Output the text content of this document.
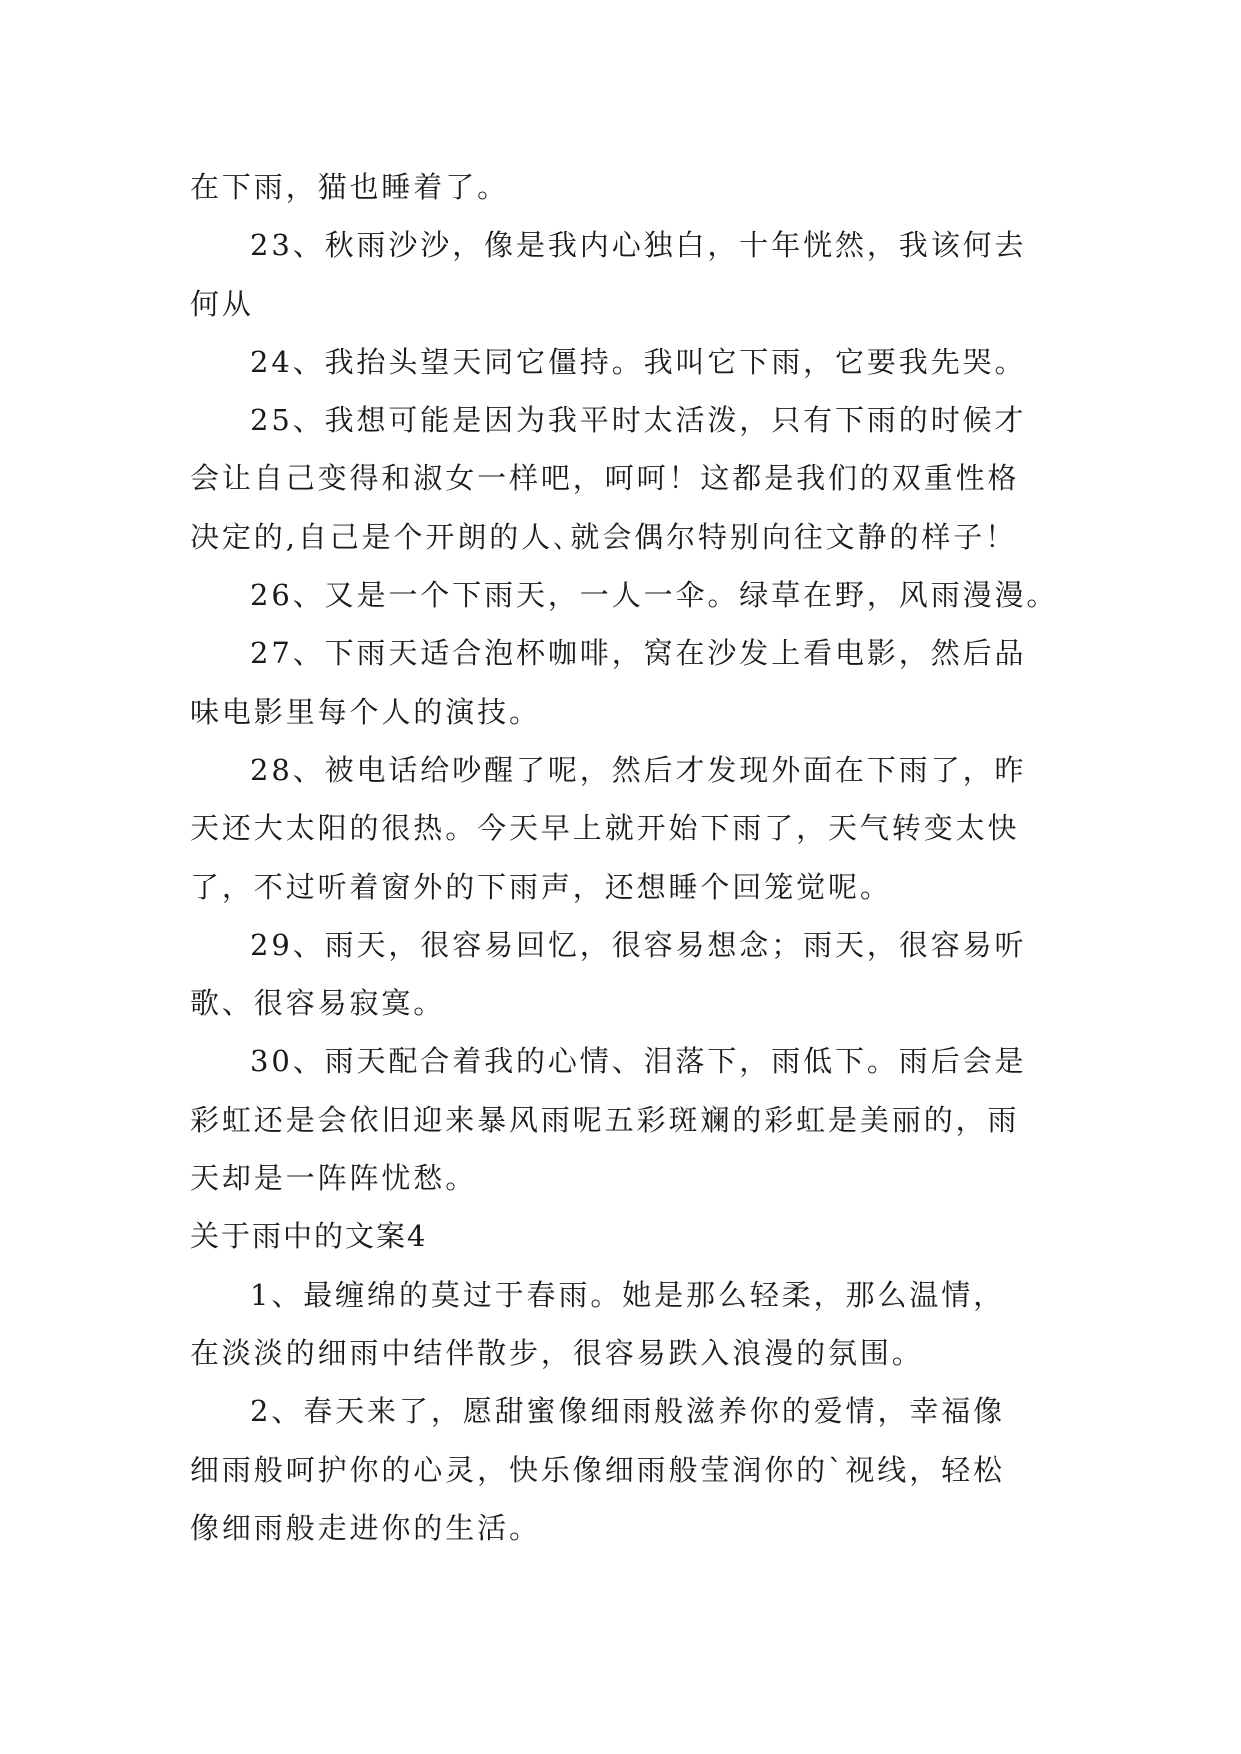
在下雨，猫也睡着了。
23、秋雨沙沙，像是我内心独白，十年恍然，我该何去
何从
24、我抬头望天同它僵持。我叫它下雨，它要我先哭。
25、我想可能是因为我平时太活泼，只有下雨的时候才
会让自己变得和淑女一样吧，呵呵！这都是我们的双重性格
决定的,自己是个开朗的人､就会偶尔特别向往文静的样子！
26、又是一个下雨天，一人一伞。绿草在野，风雨漫漫。
27、下雨天适合泡杯咖啡，窝在沙发上看电影，然后品
味电影里每个人的演技。
28、被电话给吵醒了呢，然后才发现外面在下雨了，昨
天还大太阳的很热。今天早上就开始下雨了，天气转变太快
了，不过听着窗外的下雨声，还想睡个回笼觉呢。
29、雨天，很容易回忆，很容易想念；雨天，很容易听
歌、很容易寂寞。
30、雨天配合着我的心情、泪落下，雨低下。雨后会是
彩虹还是会依旧迎来暴风雨呢五彩斑斓的彩虹是美丽的，雨
天却是一阵阵忧愁。
关于雨中的文案4
1、最缠绵的莫过于春雨。她是那么轻柔，那么温情，
在淡淡的细雨中结伴散步，很容易跌入浪漫的氛围。
2、春天来了，愿甜蜜像细雨般滋养你的爱情，幸福像
细雨般呵护你的心灵，快乐像细雨般莹润你的`视线，轻松
像细雨般走进你的生活。
